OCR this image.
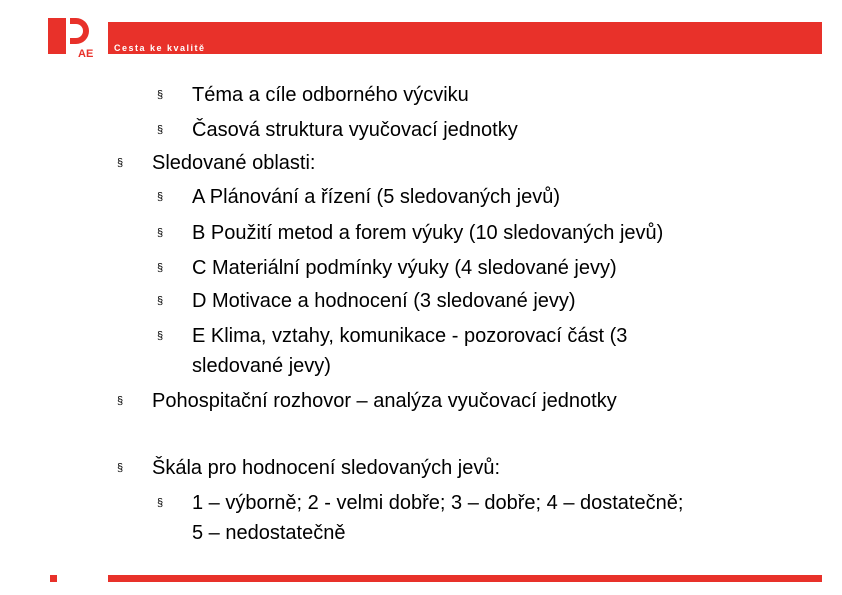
AE Cesta ke kvalitě
§ Téma a cíle odborného výcviku
§ Časová struktura vyučovací jednotky
§ Sledované oblasti:
§ A Plánování a řízení (5 sledovaných jevů)
§ B Použití metod a forem výuky (10 sledovaných jevů)
§ C Materiální podmínky výuky (4 sledované jevy)
§ D Motivace a hodnocení (3 sledované jevy)
§ E Klima, vztahy, komunikace - pozorovací část (3
sledované jevy)
§ Pohospitační rozhovor – analýza vyučovací jednotky
§ Škála pro hodnocení sledovaných jevů:
§ 1 – výborně; 2 - velmi dobře; 3 – dobře; 4 – dostatečně;
5 – nedostatečně
